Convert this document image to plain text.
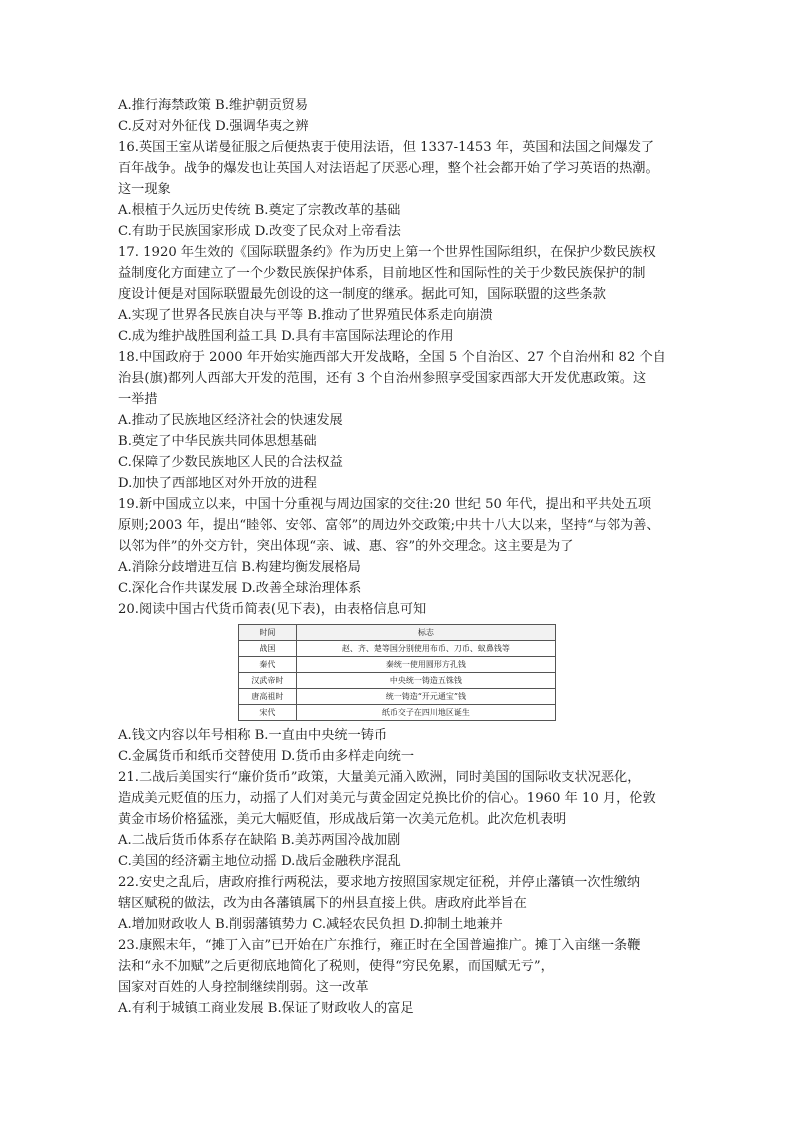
A.推行海禁政策 B.维护朝贡贸易
C.反对对外征伐 D.强调华夷之辨
16.英国王室从诺曼征服之后便热衷于使用法语，但 1337-1453 年，英国和法国之间爆发了
百年战争。战争的爆发也让英国人对法语起了厌恶心理，整个社会都开始了学习英语的热潮。
这一现象
A.根植于久远历史传统 B.奠定了宗教改革的基础
C.有助于民族国家形成 D.改变了民众对上帝看法
17. 1920 年生效的《国际联盟条约》作为历史上第一个世界性国际组织，在保护少数民族权
益制度化方面建立了一个少数民族保护体系，目前地区性和国际性的关于少数民族保护的制
度设计便是对国际联盟最先创设的这一制度的继承。据此可知，国际联盟的这些条款
A.实现了世界各民族自决与平等 B.推动了世界殖民体系走向崩溃
C.成为维护战胜国利益工具 D.具有丰富国际法理论的作用
18.中国政府于 2000 年开始实施西部大开发战略，全国 5 个自治区、27 个自治州和 82 个自
治县(旗)都列人西部大开发的范围，还有 3 个自治州参照享受国家西部大开发优惠政策。这
一举措
A.推动了民族地区经济社会的快速发展
B.奠定了中华民族共同体思想基础
C.保障了少数民族地区人民的合法权益
D.加快了西部地区对外开放的进程
19.新中国成立以来，中国十分重视与周边国家的交往:20 世纪 50 年代，提出和平共处五项
原则;2003 年，提出“睦邻、安邻、富邻”的周边外交政策;中共十八大以来，坚持“与邻为善、
以邻为伴”的外交方针，突出体现“亲、诚、惠、容”的外交理念。这主要是为了
A.消除分歧增进互信 B.构建均衡发展格局
C.深化合作共谋发展 D.改善全球治理体系
20.阅读中国古代货币简表(见下表)，由表格信息可知
时间	标志
战国	赵、齐、楚等国分别使用布币、刀币、蚁鼻钱等
秦代	秦统一使用圆形方孔钱
汉武帝时	中央统一铸造五铢钱
唐高祖时	统一铸造“开元通宝”钱
宋代	纸币交子在四川地区诞生
A.钱文内容以年号相称 B.一直由中央统一铸币
C.金属货币和纸币交替使用 D.货币由多样走向统一
21.二战后美国实行“廉价货币”政策，大量美元涌入欧洲，同时美国的国际收支状况恶化，
造成美元贬值的压力，动摇了人们对美元与黄金固定兑换比价的信心。1960 年 10 月，伦敦
黄金市场价格猛涨，美元大幅贬值，形成战后第一次美元危机。此次危机表明
A.二战后货币体系存在缺陷 B.美苏两国冷战加剧
C.美国的经济霸主地位动摇 D.战后金融秩序混乱
22.安史之乱后，唐政府推行两税法，要求地方按照国家规定征税，并停止藩镇一次性缴纳
辖区赋税的做法，改为由各藩镇属下的州县直接上供。唐政府此举旨在
A.增加财政收人 B.削弱藩镇势力 C.减轻农民负担 D.抑制土地兼并
23.康熙末年，“摊丁入亩”已开始在广东推行，雍正时在全国普遍推广。摊丁入亩继一条鞭
法和“永不加赋”之后更彻底地简化了税则，使得“穷民免累，而国赋无亏”，
国家对百姓的人身控制继续削弱。这一改革
A.有利于城镇工商业发展 B.保证了财政收人的富足
